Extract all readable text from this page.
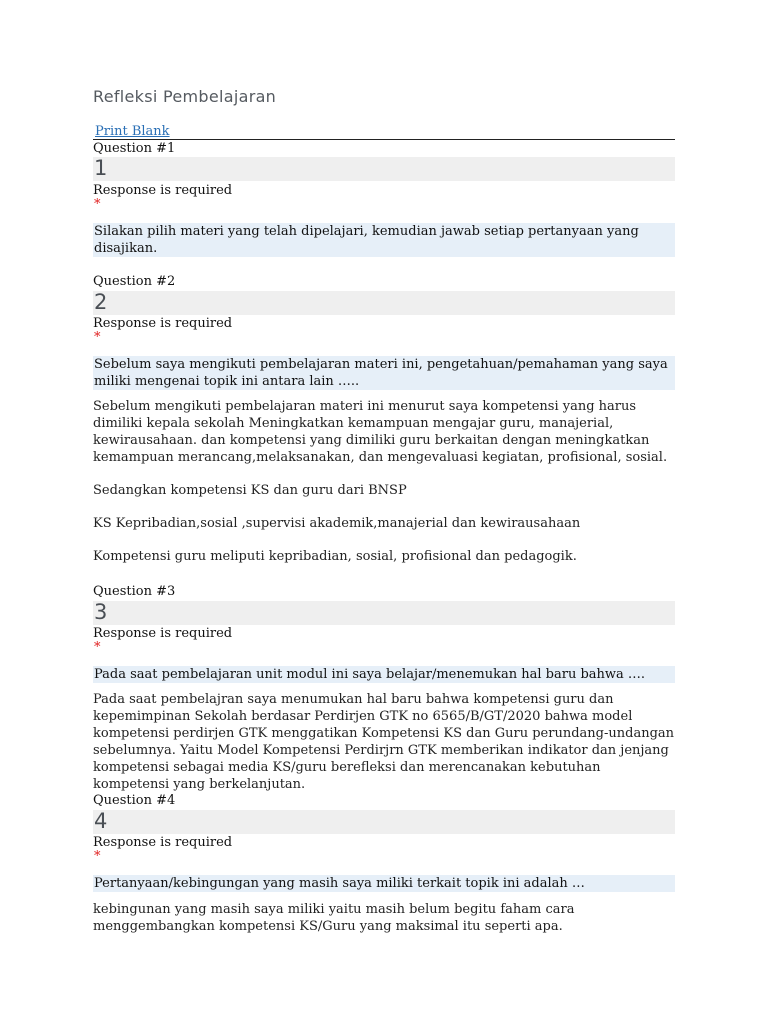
Refleksi Pembelajaran
Print Blank
Question #1
1
Response is required
*
Silakan pilih materi yang telah dipelajari, kemudian jawab setiap pertanyaan yang disajikan.
Question #2
2
Response is required
*
Sebelum saya mengikuti pembelajaran materi ini, pengetahuan/pemahaman yang saya miliki mengenai topik ini antara lain …..

Sebelum mengikuti pembelajaran materi ini menurut saya kompetensi yang harus dimiliki kepala sekolah Meningkatkan kemampuan mengajar guru, manajerial, kewirausahaan. dan kompetensi yang dimiliki guru berkaitan dengan meningkatkan kemampuan merancang,melaksanakan, dan mengevaluasi kegiatan, profisional, sosial.

Sedangkan kompetensi KS dan guru dari BNSP

KS Kepribadian,sosial ,supervisi akademik,manajerial dan kewirausahaan

Kompetensi guru meliputi kepribadian, sosial, profisional dan pedagogik.

Question #3
3
Response is required
*
Pada saat pembelajaran unit modul ini saya belajar/menemukan hal baru bahwa ….

Pada saat pembelajran saya menumukan hal baru bahwa kompetensi guru dan kepemimpinan Sekolah berdasar Perdirjen GTK no 6565/B/GT/2020 bahwa model kompetensi perdirjen GTK menggatikan Kompetensi KS dan Guru perundang-undangan sebelumnya. Yaitu Model Kompetensi Perdirjrn GTK memberikan indikator dan jenjang kompetensi sebagai media KS/guru berefleksi dan merencanakan kebutuhan kompetensi yang berkelanjutan.

Question #4
4
Response is required
*
Pertanyaan/kebingungan yang masih saya miliki terkait topik ini adalah …

kebingunan yang masih saya miliki yaitu masih belum begitu faham cara menggembangkan kompetensi KS/Guru yang maksimal itu seperti apa.
